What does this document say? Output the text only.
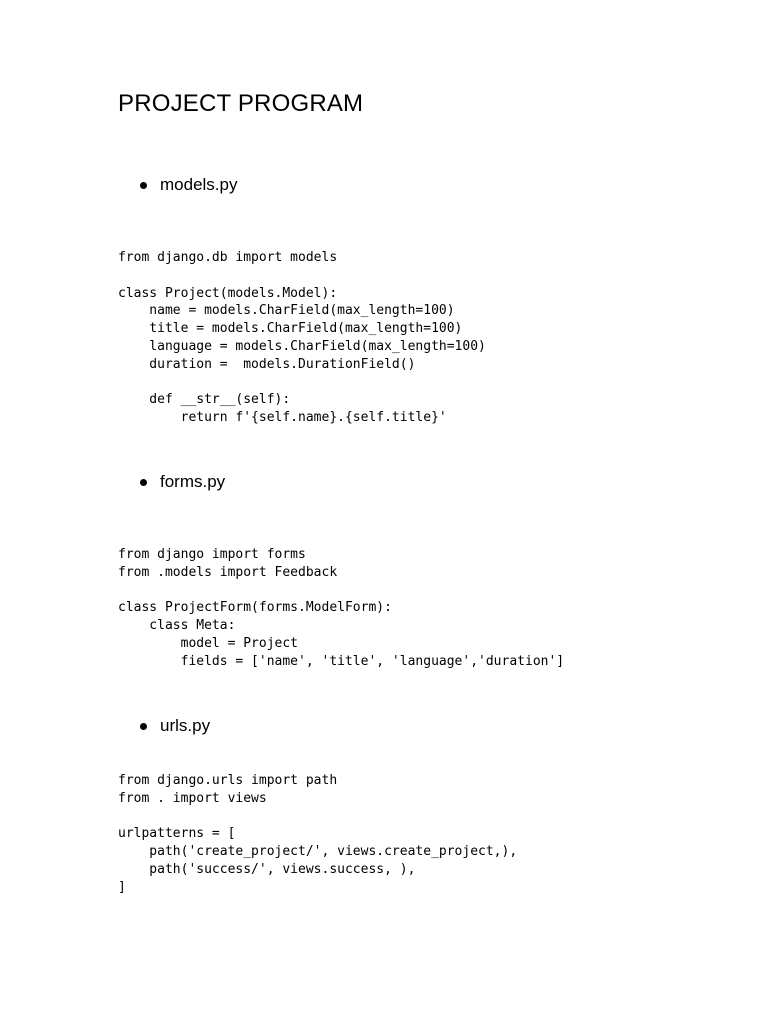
PROJECT PROGRAM
models.py
from django.db import models
class Project(models.Model):
name = models.CharField(max_length=100)
title = models.CharField(max_length=100)
language = models.CharField(max_length=100)
duration =  models.DurationField()
def __str__(self):
return f'{self.name}.{self.title}'
forms.py
from django import forms
from .models import Feedback
class ProjectForm(forms.ModelForm):
class Meta:
model = Project
fields = ['name', 'title', 'language','duration']
urls.py
from django.urls import path
from . import views
urlpatterns = [
path('create_project/', views.create_project,),
path('success/', views.success, ),
]
